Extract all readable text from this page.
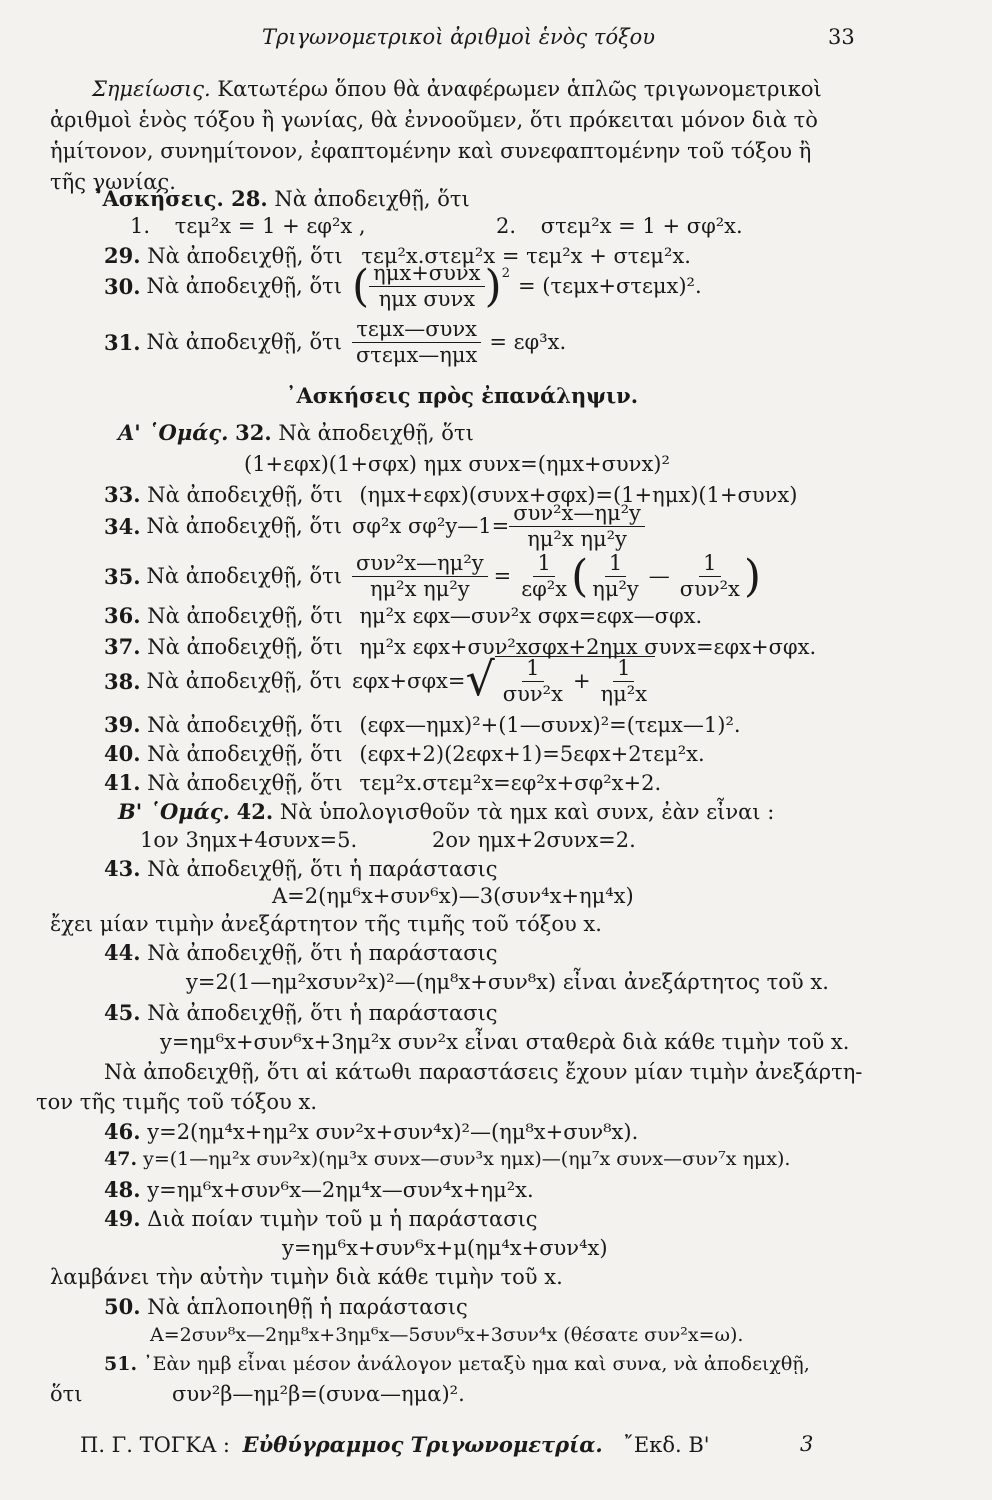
Τριγωνομετρικοὶ ἀριθμοὶ ἑνὸς τόξου	33
Σημείωσις. Κατωτέρω ὅπου θὰ ἀναφέρωμεν ἁπλῶς τριγωνομετρικοὶ
ἀριθμοὶ ἑνὸς τόξου ἢ γωνίας, θὰ ἐννοοῦμεν, ὅτι πρόκειται μόνον διὰ τὸ
ἡμίτονον, συνημίτονον, ἐφαπτομένην καὶ συνεφαπτομένην τοῦ τόξου ἢ
τῆς γωνίας.
᾿Ασκήσεις. 28. Νὰ ἀποδειχθῇ, ὅτι
1. τεμ²x = 1 + εφ²x ,	2. στεμ²x = 1 + σφ²x.
29. Νὰ ἀποδειχθῇ, ὅτι τεμ²x.στεμ²x = τεμ²x + στεμ²x.
30. Νὰ ἀποδειχθῇ, ὅτι ( $\frac{\text{ημx+συνx}}{\text{ημx συνx}}$ ) 2
= (τεμx+στεμx)².
31. Νὰ ἀποδειχθῇ, ὅτι $\frac{\text{τεμx—συνx}}{\text{στεμx—ημx}} = \varepsilon\varphi^3x$.
᾿Ασκήσεις πρὸς ἐπανάληψιν.
Α' ῾Ομάς. 32. Νὰ ἀποδειχθῇ, ὅτι
(1+εφx)(1+σφx) ημx συνx=(ημx+συνx)²
33. Νὰ ἀποδειχθῇ, ὅτι (ημx+εφx)(συνx+σφx)=(1+ημx)(1+συνx)
34. Νὰ ἀποδειχθῇ, ὅτι σφ²x σφ²y—1= $\frac{\text{συν²x—ημ²y}}{\text{ημ²x ημ²y}}$
35. Νὰ ἀποδειχθῇ, ὅτι $\frac{\text{συν²x—ημ²y}}{\text{ημ²x ημ²y}} = \frac{1}{\text{εφ²x}}$ ( $\frac{1}{\text{ημ²y}}$ — $\frac{1}{\text{συν²x}}$ )
36. Νὰ ἀποδειχθῇ, ὅτι ημ²x εφx—συν²x σφx=εφx—σφx.
37. Νὰ ἀποδειχθῇ, ὅτι ημ²x εφx+συν²xσφx+2ημx συνx=εφx+σφx.
38. Νὰ ἀποδειχθῇ, ὅτι εφx+σφx= √ $\frac{1}{\text{συν²x}} + \frac{1}{\text{ημ²x}}$
39. Νὰ ἀποδειχθῇ, ὅτι (εφx—ημx)²+(1—συνx)²=(τεμx—1)².
40. Νὰ ἀποδειχθῇ, ὅτι (εφx+2)(2εφx+1)=5εφx+2τεμ²x.
41. Νὰ ἀποδειχθῇ, ὅτι τεμ²x.στεμ²x=εφ²x+σφ²x+2.
Β' ῾Ομάς. 42. Νὰ ὑπολογισθοῦν τὰ ημx καὶ συνx, ἐὰν εἶναι :
1ον 3ημx+4συνx=5.	2ον ημx+2συνx=2.
43. Νὰ ἀποδειχθῇ, ὅτι ἡ παράστασις
Α=2(ημ⁶x+συν⁶x)—3(συν⁴x+ημ⁴x)
ἔχει μίαν τιμὴν ἀνεξάρτητον τῆς τιμῆς τοῦ τόξου x.
44. Νὰ ἀποδειχθῇ, ὅτι ἡ παράστασις
y=2(1—ημ²xσυν²x)²—(ημ⁸x+συν⁸x) εἶναι ἀνεξάρτητος τοῦ x.
45. Νὰ ἀποδειχθῇ, ὅτι ἡ παράστασις
y=ημ⁶x+συν⁶x+3ημ²x συν²x εἶναι σταθερὰ διὰ κάθε τιμὴν τοῦ x.
Νὰ ἀποδειχθῇ, ὅτι αἱ κάτωθι παραστάσεις ἔχουν μίαν τιμὴν ἀνεξάρτη-
τον τῆς τιμῆς τοῦ τόξου x.
46. y=2(ημ⁴x+ημ²x συν²x+συν⁴x)²—(ημ⁸x+συν⁸x).
47. y=(1—ημ²x συν²x)(ημ³x συνx—συν³x ημx)—(ημ⁷x συνx—συν⁷x ημx).
48. y=ημ⁶x+συν⁶x—2ημ⁴x—συν⁴x+ημ²x.
49. Διὰ ποίαν τιμὴν τοῦ μ ἡ παράστασις
y=ημ⁶x+συν⁶x+μ(ημ⁴x+συν⁴x)
λαμβάνει τὴν αὐτὴν τιμὴν διὰ κάθε τιμὴν τοῦ x.
50. Νὰ ἁπλοποιηθῇ ἡ παράστασις
Α=2συν⁸x—2ημ⁸x+3ημ⁶x—5συν⁶x+3συν⁴x (θέσατε συν²x=ω).
51. ᾿Εὰν ημβ εἶναι μέσον ἀνάλογον μεταξὺ ημα καὶ συνα, νὰ ἀποδειχθῇ,
ὅτι	συν²β—ημ²β=(συνα—ημα)².
Π. Γ. ΤΟΓΚΑ : Εὐθύγραμμος Τριγωνομετρία. ῎Εκδ. Β'	3
